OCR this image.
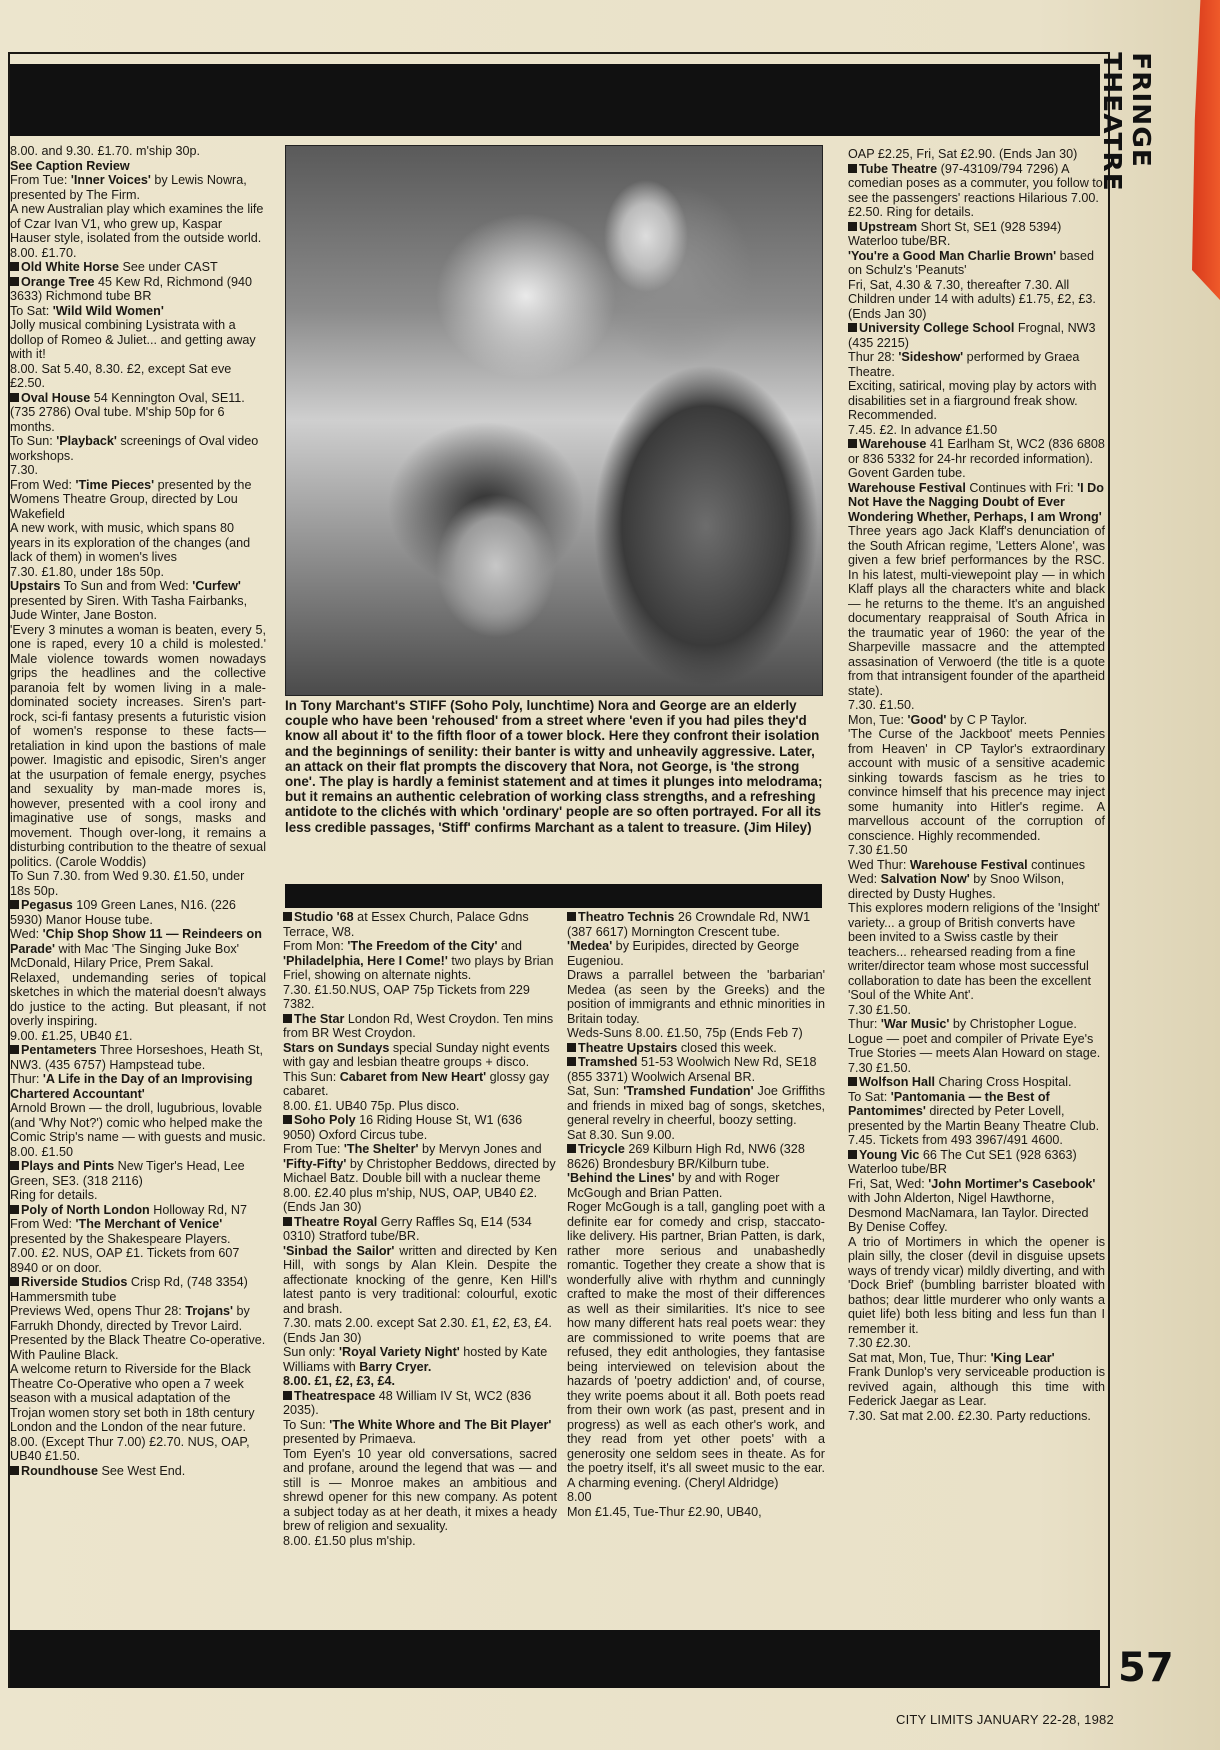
FRINGE THEATRE
57
CITY LIMITS JANUARY 22-28, 1982

8.00. and 9.30. £1.70. m'ship 30p.

See Caption Review

From Tue: 'Inner Voices' by Lewis Nowra, presented by The Firm.

A new Australian play which examines the life of Czar Ivan V1, who grew up, Kaspar Hauser style, isolated from the outside world.

8.00. £1.70.

Old White Horse See under CAST

Orange Tree 45 Kew Rd, Richmond (940 3633) Richmond tube BR

To Sat: 'Wild Wild Women'

Jolly musical combining Lysistrata with a dollop of Romeo & Juliet... and getting away with it!

8.00. Sat 5.40, 8.30. £2, except Sat eve £2.50.

Oval House 54 Kennington Oval, SE11. (735 2786) Oval tube. M'ship 50p for 6 months.

To Sun: 'Playback' screenings of Oval video workshops.

7.30.

From Wed: 'Time Pieces' presented by the Womens Theatre Group, directed by Lou Wakefield

A new work, with music, which spans 80 years in its exploration of the changes (and lack of them) in women's lives

7.30. £1.80, under 18s 50p.

Upstairs To Sun and from Wed: 'Curfew' presented by Siren. With Tasha Fairbanks, Jude Winter, Jane Boston.

'Every 3 minutes a woman is beaten, every 5, one is raped, every 10 a child is molested.' Male violence towards women nowadays grips the headlines and the collective paranoia felt by women living in a male-dominated society increases. Siren's part-rock, sci-fi fantasy presents a futuristic vision of women's response to these facts—retaliation in kind upon the bastions of male power. Imagistic and episodic, Siren's anger at the usurpation of female energy, psyches and sexuality by man-made mores is, however, presented with a cool irony and imaginative use of songs, masks and movement. Though over-long, it remains a disturbing contribution to the theatre of sexual politics. (Carole Woddis)

To Sun 7.30. from Wed 9.30. £1.50, under 18s 50p.

Pegasus 109 Green Lanes, N16. (226 5930) Manor House tube.

Wed: 'Chip Shop Show 11 — Reindeers on Parade' with Mac 'The Singing Juke Box' McDonald, Hilary Price, Prem Sakal.

Relaxed, undemanding series of topical sketches in which the material doesn't always do justice to the acting. But pleasant, if not overly inspiring.

9.00. £1.25, UB40 £1.

Pentameters Three Horseshoes, Heath St, NW3. (435 6757) Hampstead tube.

Thur: 'A Life in the Day of an Improvising Chartered Accountant'

Arnold Brown — the droll, lugubrious, lovable (and 'Why Not?') comic who helped make the Comic Strip's name — with guests and music.

8.00. £1.50

Plays and Pints New Tiger's Head, Lee Green, SE3. (318 2116)

Ring for details.

Poly of North London Holloway Rd, N7

From Wed: 'The Merchant of Venice' presented by the Shakespeare Players.

7.00. £2. NUS, OAP £1. Tickets from 607 8940 or on door.

Riverside Studios Crisp Rd, (748 3354) Hammersmith tube

Previews Wed, opens Thur 28: Trojans' by Farrukh Dhondy, directed by Trevor Laird. Presented by the Black Theatre Co-operative. With Pauline Black.

A welcome return to Riverside for the Black Theatre Co-Operative who open a 7 week season with a musical adaptation of the Trojan women story set both in 18th century London and the London of the near future.

8.00. (Except Thur 7.00) £2.70. NUS, OAP, UB40 £1.50.

Roundhouse See West End.

In Tony Marchant's STIFF (Soho Poly, lunchtime) Nora and George are an elderly couple who have been 'rehoused' from a street where 'even if you had piles they'd know all about it' to the fifth floor of a tower block. Here they confront their isolation and the beginnings of senility: their banter is witty and unheavily aggressive. Later, an attack on their flat prompts the discovery that Nora, not George, is 'the strong one'. The play is hardly a feminist statement and at times it plunges into melodrama; but it remains an authentic celebration of working class strengths, and a refreshing antidote to the clichés with which 'ordinary' people are so often portrayed. For all its less credible passages, 'Stiff' confirms Marchant as a talent to treasure. (Jim Hiley)

Studio '68 at Essex Church, Palace Gdns Terrace, W8.

From Mon: 'The Freedom of the City' and 'Philadelphia, Here I Come!' two plays by Brian Friel, showing on alternate nights.

7.30. £1.50.NUS, OAP 75p Tickets from 229 7382.

The Star London Rd, West Croydon. Ten mins from BR West Croydon.

Stars on Sundays special Sunday night events with gay and lesbian theatre groups + disco.

This Sun: Cabaret from New Heart' glossy gay cabaret.

8.00. £1. UB40 75p. Plus disco.

Soho Poly 16 Riding House St, W1 (636 9050) Oxford Circus tube.

From Tue: 'The Shelter' by Mervyn Jones and 'Fifty-Fifty' by Christopher Beddows, directed by Michael Batz. Double bill with a nuclear theme

8.00. £2.40 plus m'ship, NUS, OAP, UB40 £2.

(Ends Jan 30)

Theatre Royal Gerry Raffles Sq, E14 (534 0310) Stratford tube/BR.

'Sinbad the Sailor' written and directed by Ken Hill, with songs by Alan Klein. Despite the affectionate knocking of the genre, Ken Hill's latest panto is very traditional: colourful, exotic and brash.

7.30. mats 2.00. except Sat 2.30. £1, £2, £3, £4. (Ends Jan 30)

Sun only: 'Royal Variety Night' hosted by Kate Williams with Barry Cryer.

8.00. £1, £2, £3, £4.

Theatrespace 48 William IV St, WC2 (836 2035).

To Sun: 'The White Whore and The Bit Player' presented by Primaeva.

Tom Eyen's 10 year old conversations, sacred and profane, around the legend that was — and still is — Monroe makes an ambitious and shrewd opener for this new company. As potent a subject today as at her death, it mixes a heady brew of religion and sexuality.

8.00. £1.50 plus m'ship.

Theatro Technis 26 Crowndale Rd, NW1 (387 6617) Mornington Crescent tube.

'Medea' by Euripides, directed by George Eugeniou.

Draws a parrallel between the 'barbarian' Medea (as seen by the Greeks) and the position of immigrants and ethnic minorities in Britain today.

Weds-Suns 8.00. £1.50, 75p (Ends Feb 7)

Theatre Upstairs closed this week.

Tramshed 51-53 Woolwich New Rd, SE18 (855 3371) Woolwich Arsenal BR.

Sat, Sun: 'Tramshed Fundation' Joe Griffiths and friends in mixed bag of songs, sketches, general revelry in cheerful, boozy setting.

Sat 8.30. Sun 9.00.

Tricycle 269 Kilburn High Rd, NW6 (328 8626) Brondesbury BR/Kilburn tube.

'Behind the Lines' by and with Roger McGough and Brian Patten.

Roger McGough is a tall, gangling poet with a definite ear for comedy and crisp, staccato-like delivery. His partner, Brian Patten, is dark, rather more serious and unabashedly romantic. Together they create a show that is wonderfully alive with rhythm and cunningly crafted to make the most of their differences as well as their similarities. It's nice to see how many different hats real poets wear: they are commissioned to write poems that are refused, they edit anthologies, they fantasise being interviewed on television about the hazards of 'poetry addiction' and, of course, they write poems about it all. Both poets read from their own work (as past, present and in progress) as well as each other's work, and they read from yet other poets' with a generosity one seldom sees in theate. As for the poetry itself, it's all sweet music to the ear. A charming evening. (Cheryl Aldridge)

8.00

Mon £1.45, Tue-Thur £2.90, UB40,

OAP £2.25, Fri, Sat £2.90. (Ends Jan 30)

Tube Theatre (97-43109/794 7296) A comedian poses as a commuter, you follow to see the passengers' reactions Hilarious 7.00. £2.50. Ring for details.

Upstream Short St, SE1 (928 5394) Waterloo tube/BR.

'You're a Good Man Charlie Brown' based on Schulz's 'Peanuts'

Fri, Sat, 4.30 & 7.30, thereafter 7.30. All Children under 14 with adults) £1.75, £2, £3. (Ends Jan 30)

University College School Frognal, NW3 (435 2215)

Thur 28: 'Sideshow' performed by Graea Theatre.

Exciting, satirical, moving play by actors with disabilities set in a fiarground freak show. Recommended.

7.45. £2. In advance £1.50

Warehouse 41 Earlham St, WC2 (836 6808 or 836 5332 for 24-hr recorded information). Govent Garden tube.

Warehouse Festival Continues with Fri: 'I Do Not Have the Nagging Doubt of Ever Wondering Whether, Perhaps, I am Wrong'

Three years ago Jack Klaff's denunciation of the South African regime, 'Letters Alone', was given a few brief performances by the RSC. In his latest, multi-viewepoint play — in which Klaff plays all the characters white and black — he returns to the theme. It's an anguished documentary reappraisal of South Africa in the traumatic year of 1960: the year of the Sharpeville massacre and the attempted assasination of Verwoerd (the title is a quote from that intransigent founder of the apartheid state).

7.30. £1.50.

Mon, Tue: 'Good' by C P Taylor.

'The Curse of the Jackboot' meets Pennies from Heaven' in CP Taylor's extraordinary account with music of a sensitive academic sinking towards fascism as he tries to convince himself that his precence may inject some humanity into Hitler's regime. A marvellous account of the corruption of conscience. Highly recommended.

7.30 £1.50

Wed Thur: Warehouse Festival continues

Wed: Salvation Now' by Snoo Wilson, directed by Dusty Hughes.

This explores modern religions of the 'Insight' variety... a group of British converts have been invited to a Swiss castle by their teachers... rehearsed reading from a fine writer/director team whose most successful collaboration to date has been the excellent 'Soul of the White Ant'.

7.30 £1.50.

Thur: 'War Music' by Christopher Logue.

Logue — poet and compiler of Private Eye's True Stories — meets Alan Howard on stage.

7.30 £1.50.

Wolfson Hall Charing Cross Hospital.

To Sat: 'Pantomania — the Best of Pantomimes' directed by Peter Lovell, presented by the Martin Beany Theatre Club.

7.45. Tickets from 493 3967/491 4600.

Young Vic 66 The Cut SE1 (928 6363) Waterloo tube/BR

Fri, Sat, Wed: 'John Mortimer's Casebook' with John Alderton, Nigel Hawthorne, Desmond MacNamara, Ian Taylor. Directed By Denise Coffey.

A trio of Mortimers in which the opener is plain silly, the closer (devil in disguise upsets ways of trendy vicar) mildly diverting, and with 'Dock Brief' (bumbling barrister bloated with bathos; dear little murderer who only wants a quiet life) both less biting and less fun than I remember it.

7.30 £2.30.

Sat mat, Mon, Tue, Thur: 'King Lear'

Frank Dunlop's very serviceable production is revived again, although this time with Federick Jaegar as Lear.

7.30. Sat mat 2.00. £2.30. Party reductions.
